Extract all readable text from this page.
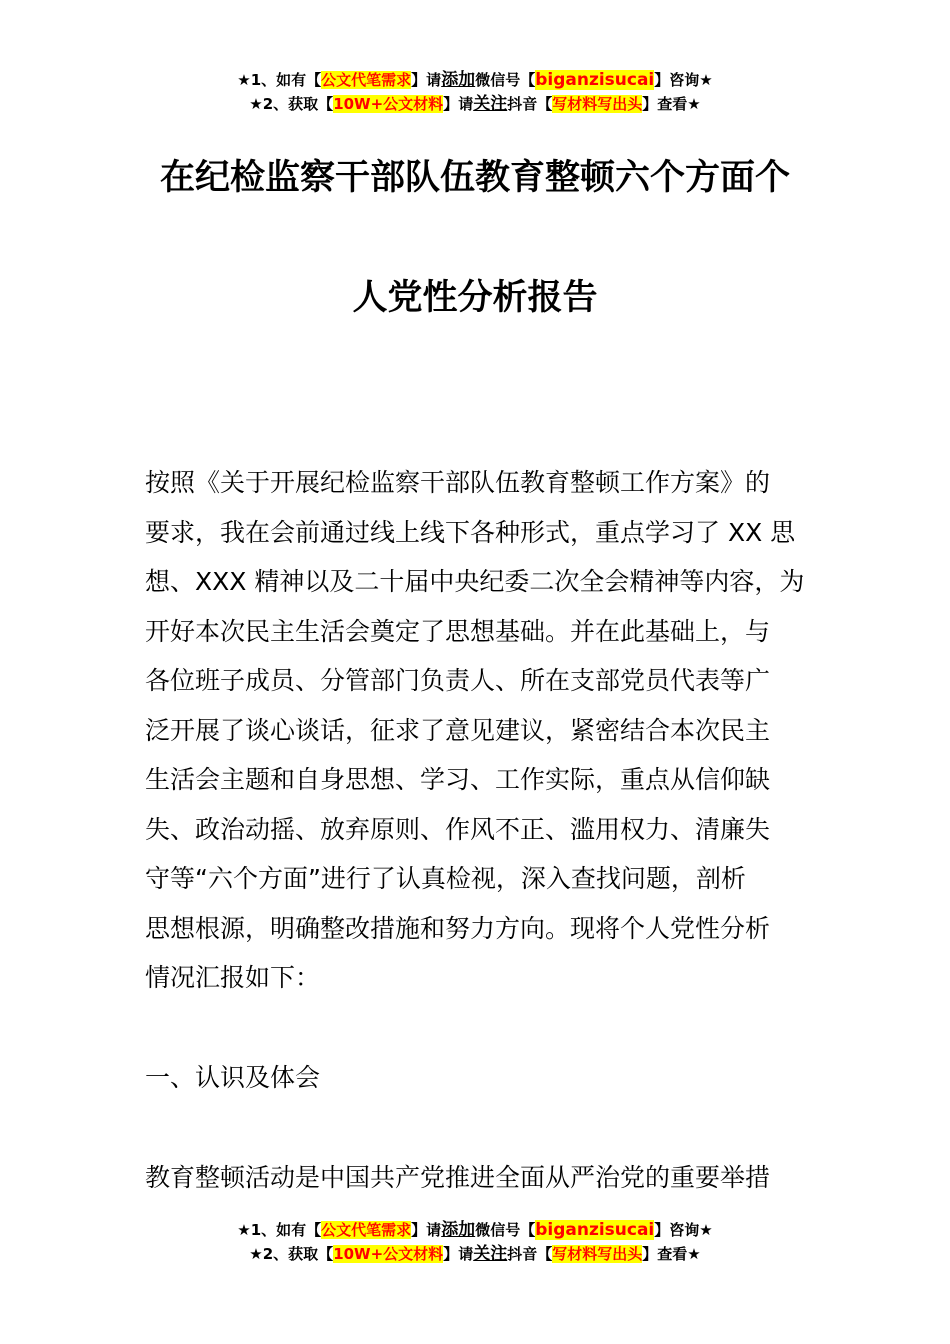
★1、如有【公文代笔需求】请添加微信号【biganzisucai】咨询★
★2、获取【10W+公文材料】请关注抖音【写材料写出头】查看★
在纪检监察干部队伍教育整顿六个方面个
人党性分析报告
按照《关于开展纪检监察干部队伍教育整顿工作方案》的
要求，我在会前通过线上线下各种形式，重点学习了 XX 思
想、XXX 精神以及二十届中央纪委二次全会精神等内容，为
开好本次民主生活会奠定了思想基础。并在此基础上，与
各位班子成员、分管部门负责人、所在支部党员代表等广
泛开展了谈心谈话，征求了意见建议，紧密结合本次民主
生活会主题和自身思想、学习、工作实际，重点从信仰缺
失、政治动摇、放弃原则、作风不正、滥用权力、清廉失
守等“六个方面”进行了认真检视，深入查找问题，剖析
思想根源，明确整改措施和努力方向。现将个人党性分析
情况汇报如下：
一、认识及体会
教育整顿活动是中国共产党推进全面从严治党的重要举措
★1、如有【公文代笔需求】请添加微信号【biganzisucai】咨询★
★2、获取【10W+公文材料】请关注抖音【写材料写出头】查看★
